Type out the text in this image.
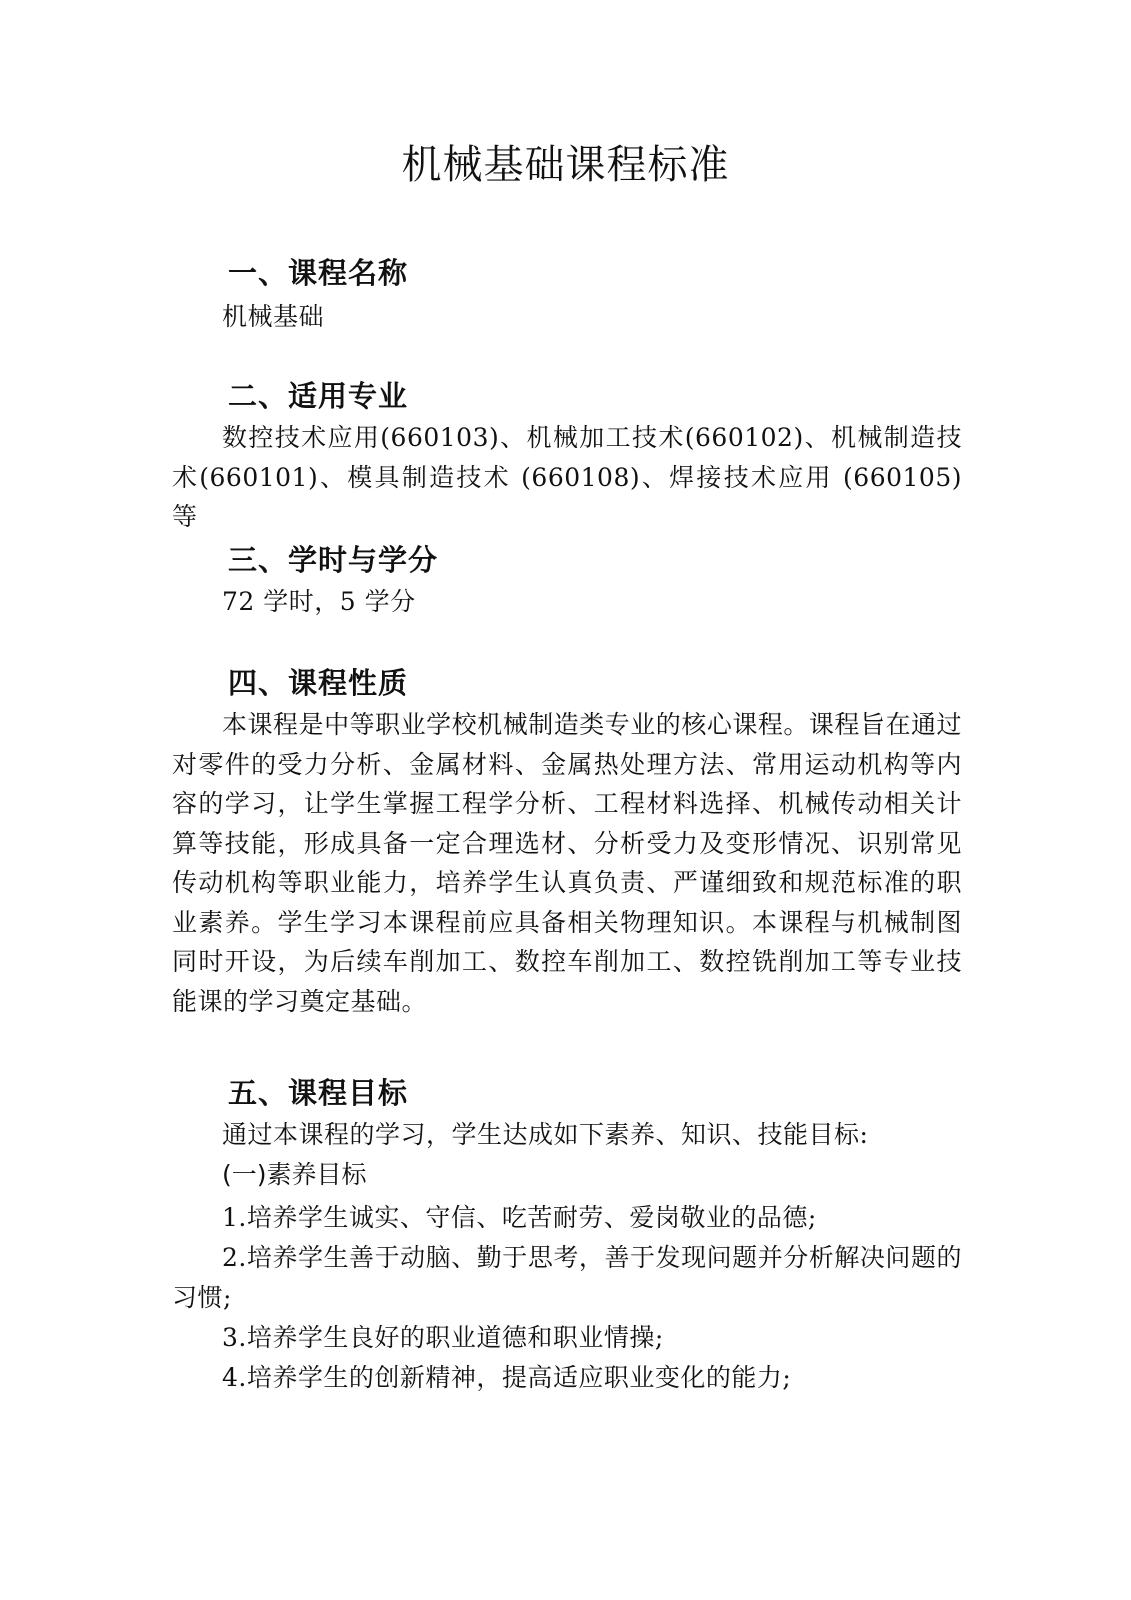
机械基础课程标准
一、课程名称
机械基础
二、适用专业
数控技术应用(660103)、机械加工技术(660102)、机械制造技术(660101)、模具制造技术 (660108)、焊接技术应用 (660105) 等
三、学时与学分
72 学时，5 学分
四、课程性质
本课程是中等职业学校机械制造类专业的核心课程。课程旨在通过对零件的受力分析、金属材料、金属热处理方法、常用运动机构等内容的学习，让学生掌握工程学分析、工程材料选择、机械传动相关计算等技能，形成具备一定合理选材、分析受力及变形情况、识别常见传动机构等职业能力，培养学生认真负责、严谨细致和规范标准的职业素养。学生学习本课程前应具备相关物理知识。本课程与机械制图同时开设，为后续车削加工、数控车削加工、数控铣削加工等专业技能课的学习奠定基础。
五、课程目标
通过本课程的学习，学生达成如下素养、知识、技能目标:
(一)素养目标
1.培养学生诚实、守信、吃苦耐劳、爱岗敬业的品德;
2.培养学生善于动脑、勤于思考，善于发现问题并分析解决问题的习惯;
3.培养学生良好的职业道德和职业情操;
4.培养学生的创新精神，提高适应职业变化的能力;
